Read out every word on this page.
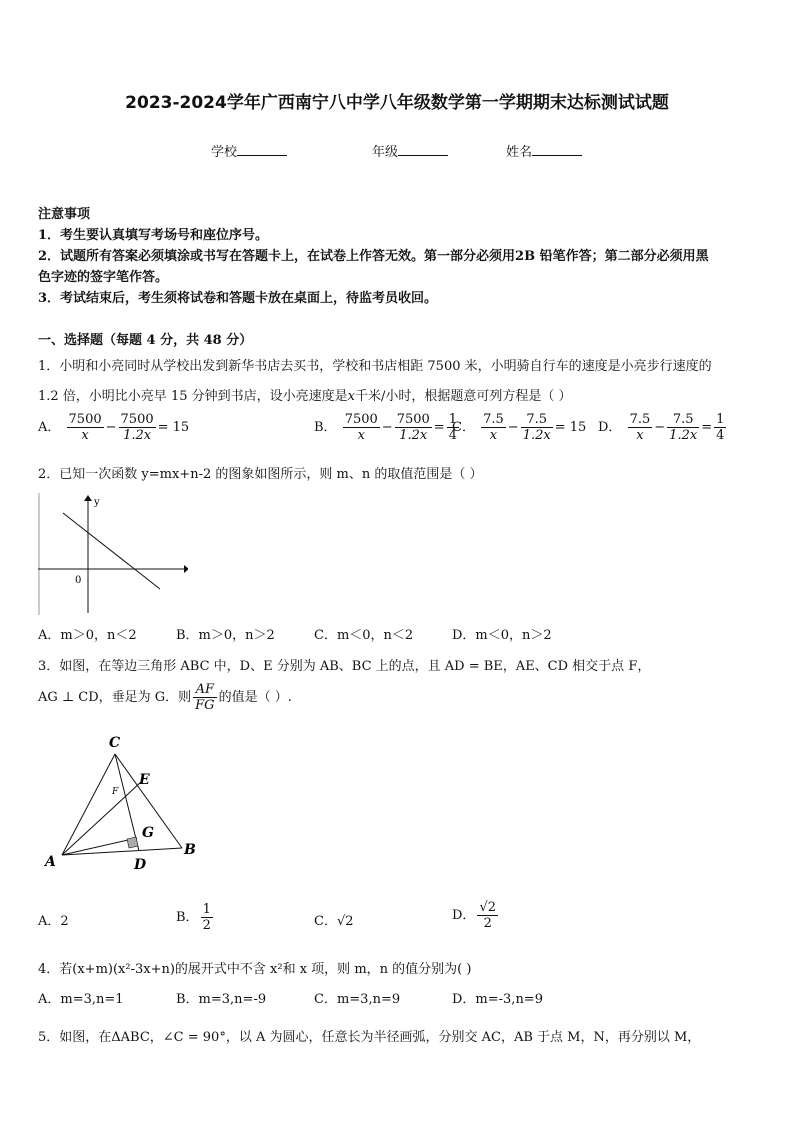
2023-2024学年广西南宁八中学八年级数学第一学期期末达标测试试题
学校	年级	姓名
注意事项
1．考生要认真填写考场号和座位序号。
2．试题所有答案必须填涂或书写在答题卡上，在试卷上作答无效。第一部分必须用2B 铅笔作答；第二部分必须用黑
色字迹的签字笔作答。
3．考试结束后，考生须将试卷和答题卡放在桌面上，待监考员收回。
一、选择题（每题 4 分，共 48 分）
1．小明和小亮同时从学校出发到新华书店去买书，学校和书店相距 7500 米，小明骑自行车的速度是小亮步行速度的
1.2 倍，小明比小亮早 15 分钟到书店，设小亮速度是x千米/小时，根据题意可列方程是（ ）
A． $\frac{7500}{x} - \frac{7500}{1.2x} = 15$	B． $\frac{7500}{x} - \frac{7500}{1.2x} = \frac{1}{4}$
C． $\frac{7.5}{x} - \frac{7.5}{1.2x} = 15$ D． $\frac{7.5}{x} - \frac{7.5}{1.2x} = \frac{1}{4}$
2．已知一次函数 y=mx+n-2 的图象如图所示，则 m、n 的取值范围是（ ）
y
0
A．m＞0，n＜2	B．m＞0，n＞2	C．m＜0，n＜2	D．m＜0，n＞2
3．如图，在等边三角形 ABC 中，D、E 分别为 AB、BC 上的点，且 AD = BE，AE、CD 相交于点 F，
AG ⊥ CD，垂足为 G．则 $\frac{AF}{FG}$ 的值是（ ）.
C
E
F
G
A	D
B
A．2	B． $\frac{1}{2}$	C．√2	D． $\frac{√2}{2}$
4．若(x+m)(x²-3x+n)的展开式中不含 x²和 x 项，则 m，n 的值分别为( )
A．m=3,n=1	B．m=3,n=-9	C．m=3,n=9	D．m=-3,n=9
5．如图，在ΔABC，∠C = 90°，以 A 为圆心，任意长为半径画弧，分别交 AC，AB 于点 M，N，再分别以 M，
